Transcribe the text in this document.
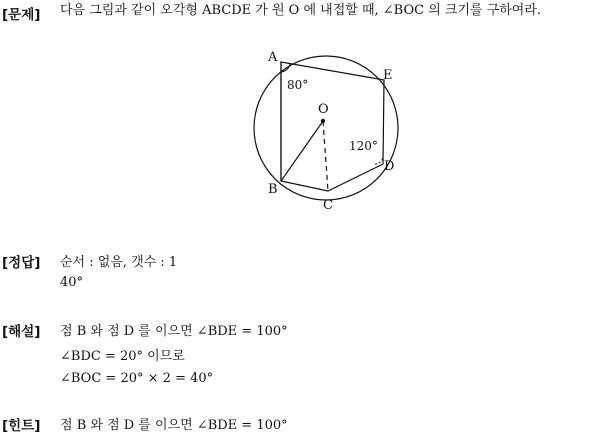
[문제] 다음 그림과 같이 오각형 ABCDE 가 원 O 에 내접할 때, ∠BOC 의 크기를 구하여라.
A
E
O
D
B
C
80°
120°
[정답] 순서 : 없음, 갯수 : 1
40°
[해설] 점 B 와 점 D 를 이으면 ∠BDE = 100°
∠BDC = 20° 이므로
∠BOC = 20° × 2 = 40°
[힌트] 점 B 와 점 D 를 이으면 ∠BDE = 100°
